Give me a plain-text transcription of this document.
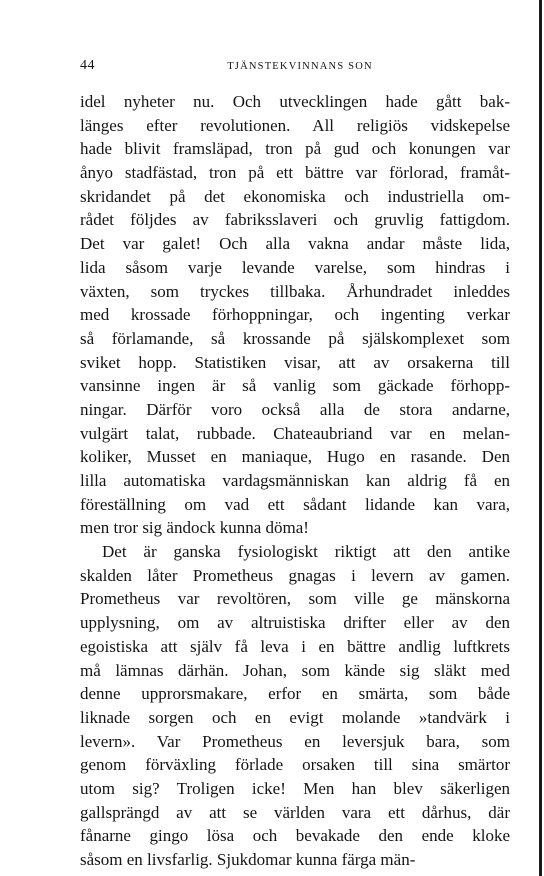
44	TJÄNSTEKVINNANS SON
idel nyheter nu. Och utvecklingen hade gått bak-
länges efter revolutionen. All religiös vidskepelse
hade blivit framsläpad, tron på gud och konungen var
ånyo stadfästad, tron på ett bättre var förlorad, framåt-
skridandet på det ekonomiska och industriella om-
rådet följdes av fabriksslaveri och gruvlig fattigdom.
Det var galet! Och alla vakna andar måste lida,
lida såsom varje levande varelse, som hindras i
växten, som tryckes tillbaka. Århundradet inleddes
med krossade förhoppningar, och ingenting verkar
så förlamande, så krossande på själskomplexet som
sviket hopp. Statistiken visar, att av orsakerna till
vansinne ingen är så vanlig som gäckade förhopp-
ningar. Därför voro också alla de stora andarne,
vulgärt talat, rubbade. Chateaubriand var en melan-
koliker, Musset en maniaque, Hugo en rasande. Den
lilla automatiska vardagsmänniskan kan aldrig få en
föreställning om vad ett sådant lidande kan vara,
men tror sig ändock kunna döma!
Det är ganska fysiologiskt riktigt att den antike
skalden låter Prometheus gnagas i levern av gamen.
Prometheus var revoltören, som ville ge mänskorna
upplysning, om av altruistiska drifter eller av den
egoistiska att själv få leva i en bättre andlig luftkrets
må lämnas därhän. Johan, som kände sig släkt med
denne upprorsmakare, erfor en smärta, som både
liknade sorgen och en evigt molande »tandvärk i
levern». Var Prometheus en leversjuk bara, som
genom förväxling förlade orsaken till sina smärtor
utom sig? Troligen icke! Men han blev säkerligen
gallsprängd av att se världen vara ett dårhus, där
fånarne gingo lösa och bevakade den ende kloke
såsom en livsfarlig. Sjukdomar kunna färga män-
